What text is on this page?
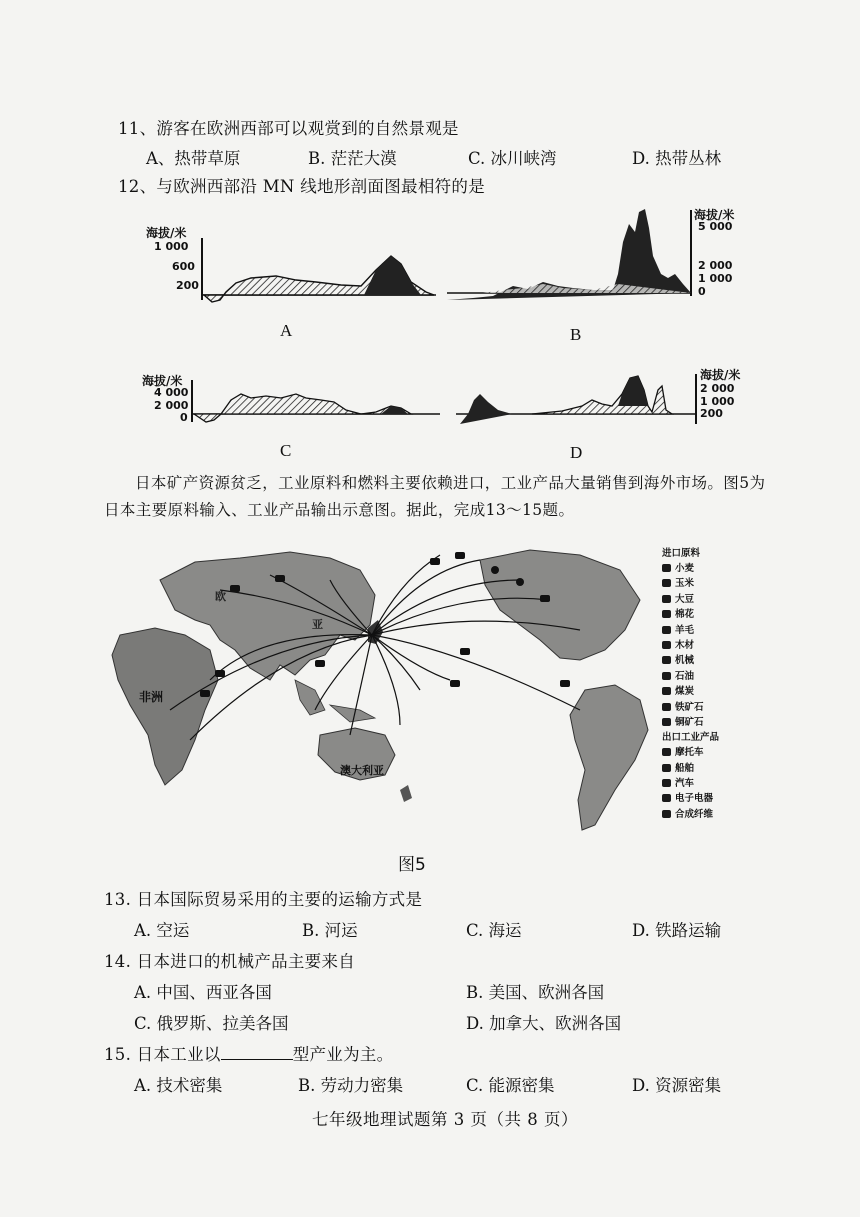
11、游客在欧洲西部可以观赏到的自然景观是
A、热带草原	B. 茫茫大漠	C. 冰川峡湾	D. 热带丛林
12、与欧洲西部沿 MN 线地形剖面图最相符的是
海拔/米
1 000
600
200
A
海拔/米
5 000
2 000
1 000
0
B
海拔/米
4 000
2 000
0
C
海拔/米
2 000
1 000
200
D
日本矿产资源贫乏，工业原料和燃料主要依赖进口，工业产品大量销售到海外市场。图5为日本主要原料输入、工业产品输出示意图。据此，完成13～15题。
非洲
澳大利亚
亚
欧
进口原料
小麦
玉米
大豆
棉花
羊毛
木材
机械
石油
煤炭
铁矿石
铜矿石
出口工业产品
摩托车
船舶
汽车
电子电器
合成纤维
图5
13. 日本国际贸易采用的主要的运输方式是
A. 空运	B. 河运	C. 海运	D. 铁路运输
14. 日本进口的机械产品主要来自
A. 中国、西亚各国	B. 美国、欧洲各国
C. 俄罗斯、拉美各国	D. 加拿大、欧洲各国
15. 日本工业以	型产业为主。
A. 技术密集	B. 劳动力密集	C. 能源密集	D. 资源密集
七年级地理试题第 3 页（共 8 页）
